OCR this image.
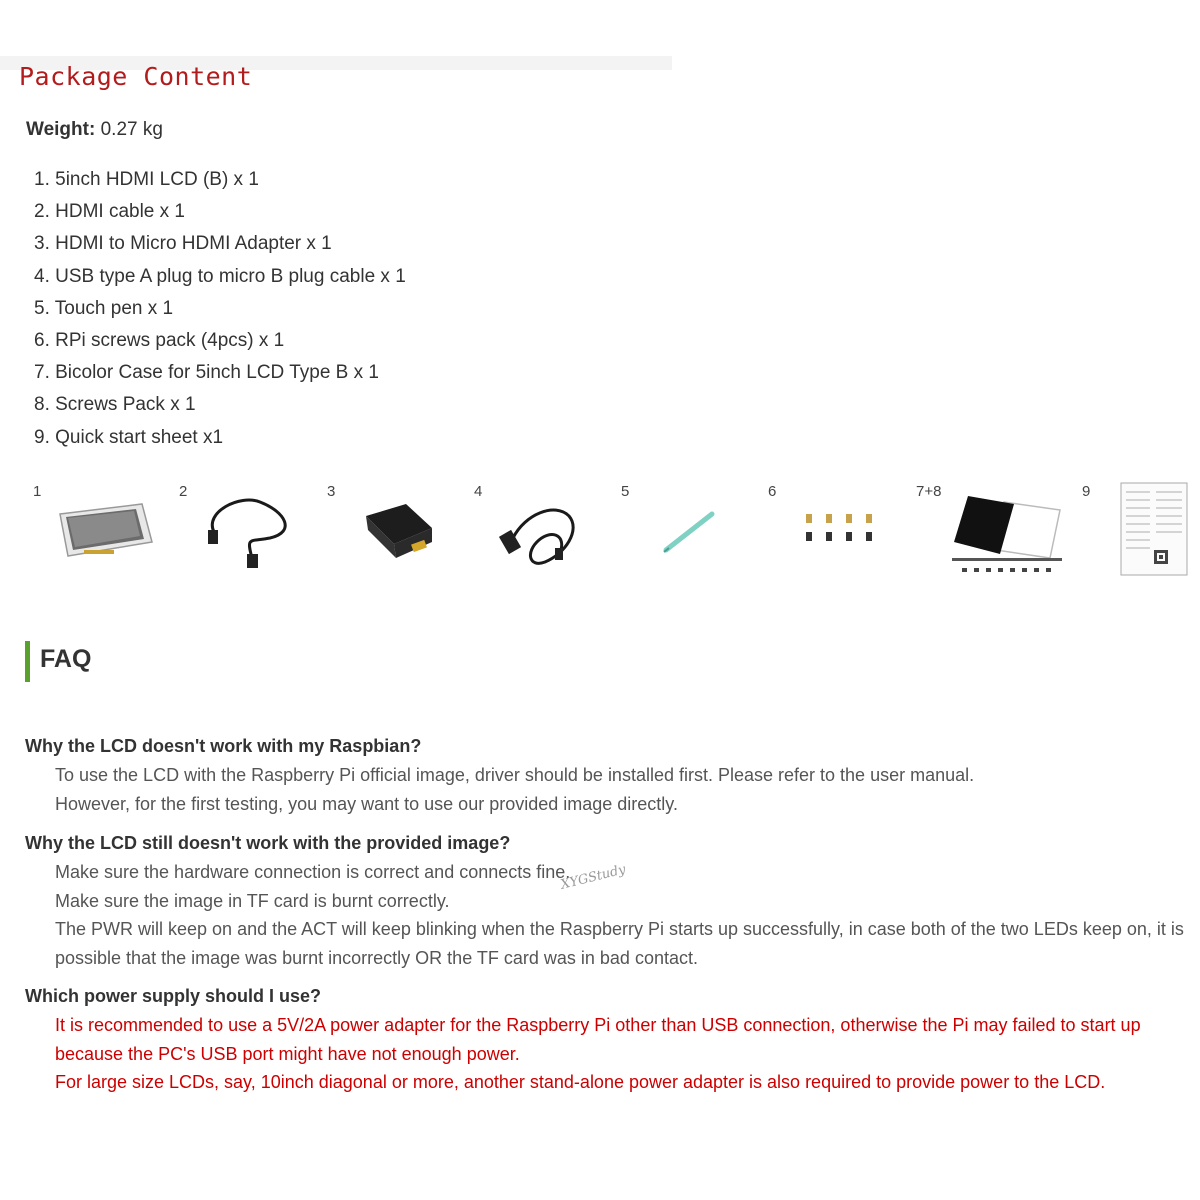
Package Content
Weight: 0.27 kg
1. 5inch HDMI LCD (B) x 1
2. HDMI cable x 1
3. HDMI to Micro HDMI Adapter x 1
4. USB type A plug to micro B plug cable x 1
5. Touch pen x 1
6. RPi screws pack (4pcs) x 1
7. Bicolor Case for 5inch LCD Type B x 1
8. Screws Pack x 1
9. Quick start sheet x1
1	2	3	4	5	6	7+8	9
FAQ
Why the LCD doesn't work with my Raspbian?

To use the LCD with the Raspberry Pi official image, driver should be installed first. Please refer to the user manual.

However, for the first testing, you may want to use our provided image directly.

Why the LCD still doesn't work with the provided image?

Make sure the hardware connection is correct and connects fine.

Make sure the image in TF card is burnt correctly.

The PWR will keep on and the ACT will keep blinking when the Raspberry Pi starts up successfully, in case both of the two LEDs keep on, it is possible that the image was burnt incorrectly OR the TF card was in bad contact.

XYGStudy
Which power supply should I use?

It is recommended to use a 5V/2A power adapter for the Raspberry Pi other than USB connection, otherwise the Pi may failed to start up because the PC's USB port might have not enough power.

For large size LCDs, say, 10inch diagonal or more, another stand-alone power adapter is also required to provide power to the LCD.
